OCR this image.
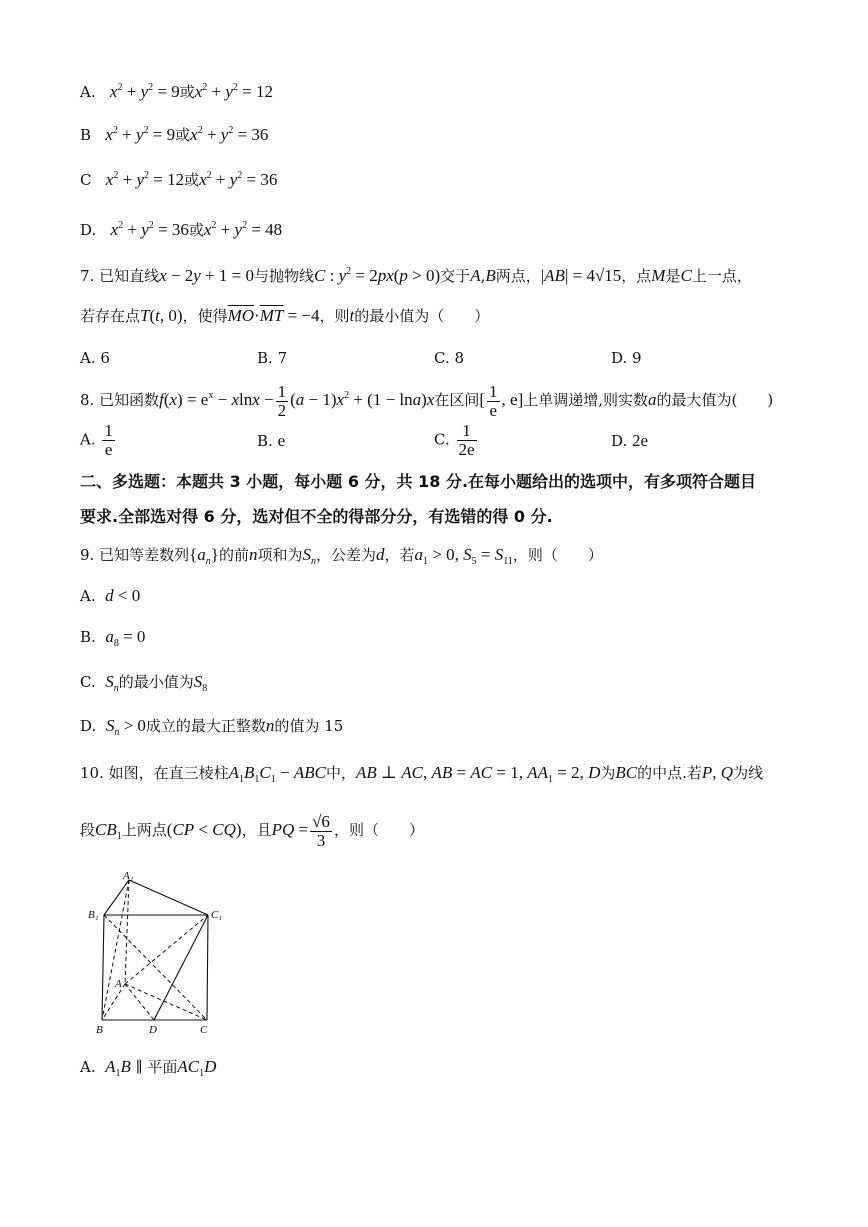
A. $x^2 + y^2 = 9$或$x^2 + y^2 = 12$
B $x^2 + y^2 = 9$或$x^2 + y^2 = 36$
C $x^2 + y^2 = 12$或$x^2 + y^2 = 36$
D. $x^2 + y^2 = 36$或$x^2 + y^2 = 48$
7. 已知直线x − 2y + 1 = 0与抛物线C : $y^2 = 2px(p > 0)$交于A,B两点，|AB| = 4√15，点M是C上一点，
若存在点T(t, 0)，使得$\overline{MO}\cdot\overline{MT} = -4$，则t的最小值为（　　）
A. 6	B. 7	C. 8	D. 9
8. 已知函数$f(x) = e^x - xlnx - \frac{1}{2} (a - 1)x^2 + (1 - \ln a)x$在区间[ $\frac{1}{e}$ , e]上单调递增,则实数a的最大值为(　　)
A. $\frac{1}{e}$	B. e	C. $\frac{1}{2e}$	D. 2e
二、多选题：本题共 3 小题，每小题 6 分，共 18 分.在每小题给出的选项中，有多项符合题目
要求.全部选对得 6 分，选对但不全的得部分分，有选错的得 0 分.
9. 已知等差数列$\{a_n\}$的前n项和为$S_n$，公差为d，若$a_1 > 0$, $S_5 = S_{11}$，则（　　）
A. d < 0
B. $a_8 = 0$
C. $S_n$的最小值为$S_8$
D. $S_n > 0$成立的最大正整数n的值为 15
10. 如图，在直三棱柱$A_1B_1C_1$ − ABC中，AB ⊥ AC, AB = AC = 1, $AA_1 = 2$, D为BC的中点.若P, Q为线
段$CB_1$上两点(CP < CQ)，且PQ = $\frac{√6}{3}$ ，则（　　）
A₁
B₁	C₁
A
B	D	C
A. $A_1B$ ∥ 平面$AC_1D$
